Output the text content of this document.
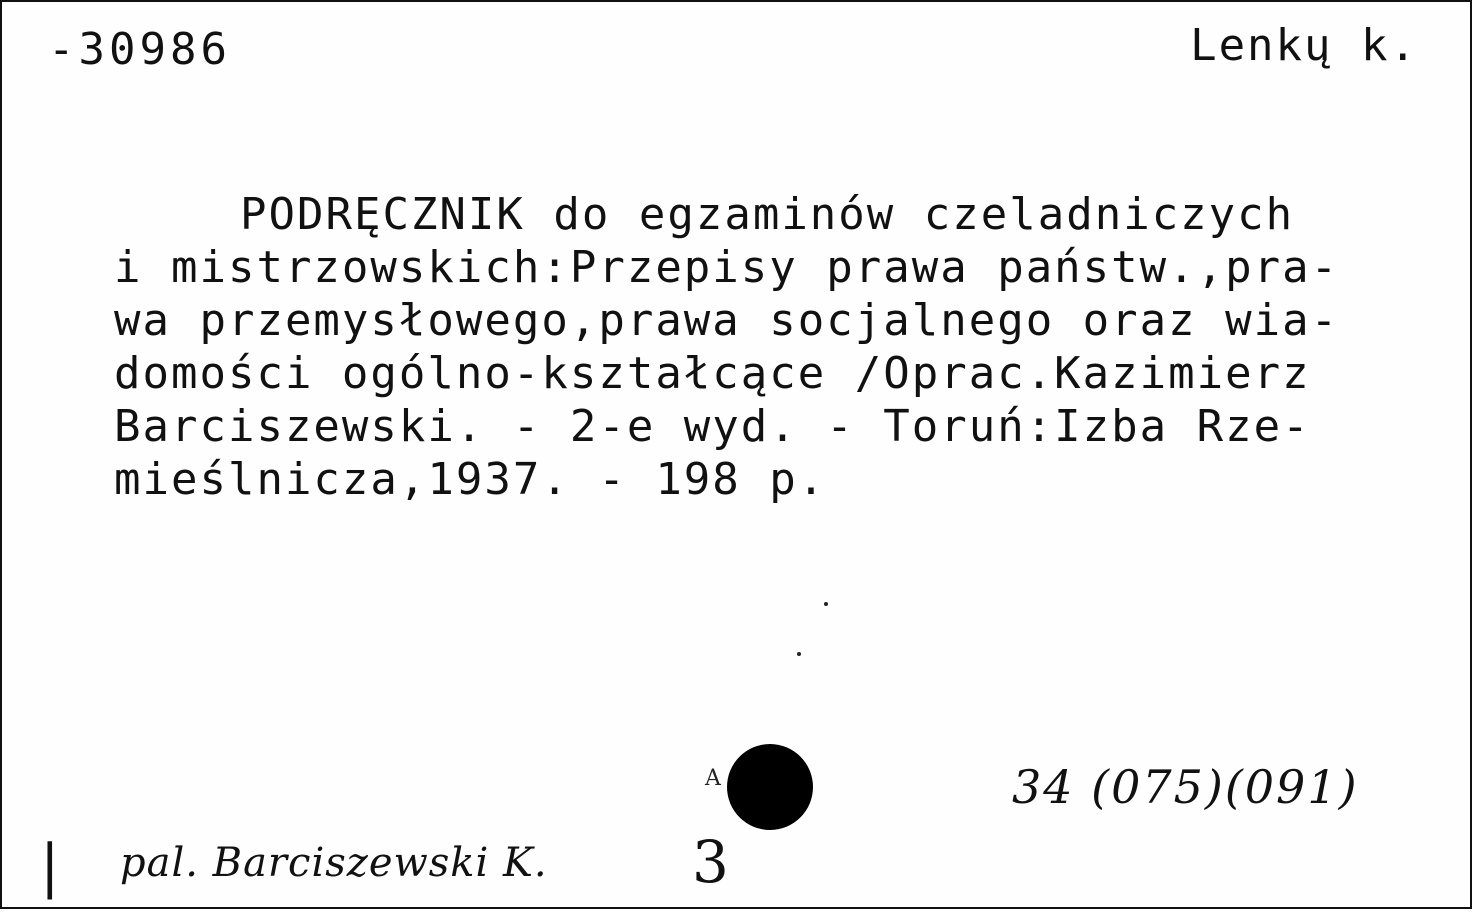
-30986	Lenkų k.
PODRĘCZNIK do egzaminów czeladniczych
i mistrzowskich:Przepisy prawa państw.,pra-
wa przemysłowego,prawa socjalnego oraz wia-
domości ogólno-kształcące /Oprac.Kazimierz
Barciszewski. - 2-e wyd. - Toruń:Izba Rze-
mieślnicza,1937. - 198 p.
A
| pal. Barciszewski K. 3
34 (075)(091)
